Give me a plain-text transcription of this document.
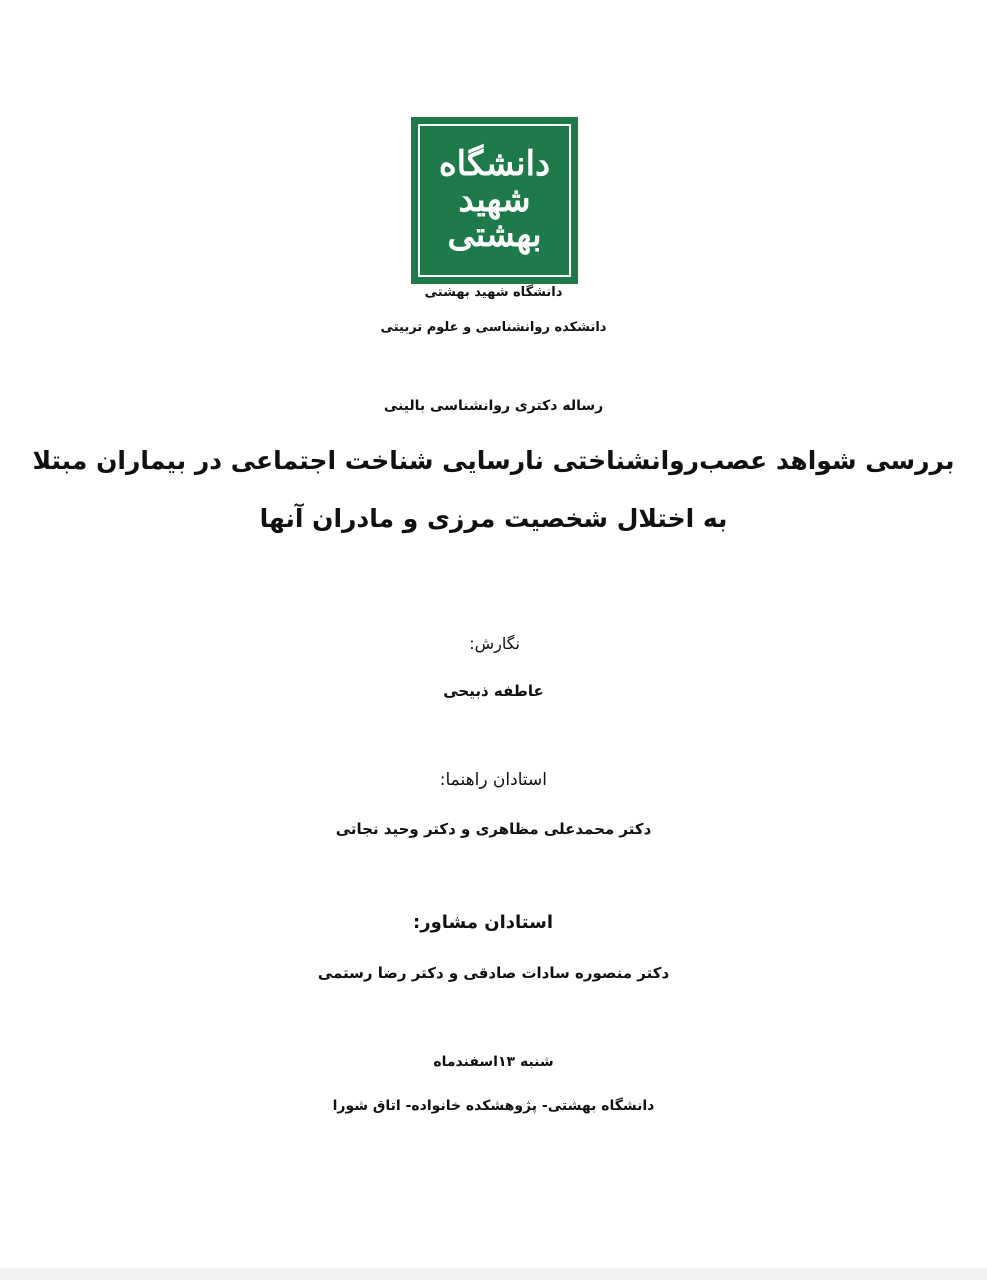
دانشگاه
شهید
بهشتی
دانشگاه شهید بهشتی
دانشکده روانشناسی و علوم تربیتی
رساله دکتری روانشناسی بالینی
بررسی شواهد عصب‌روانشناختی نارسایی شناخت اجتماعی در بیماران مبتلا
به اختلال شخصیت مرزی و مادران آنها
نگارش:
عاطفه ذبیحی
استادان راهنما:
دکتر محمدعلی مظاهری و دکتر وحید نجاتی
استادان مشاور:
دکتر منصوره سادات صادقی و دکتر رضا رستمی
شنبه ۱۳اسفندماه
دانشگاه بهشتی- پژوهشکده خانواده- اتاق شورا
